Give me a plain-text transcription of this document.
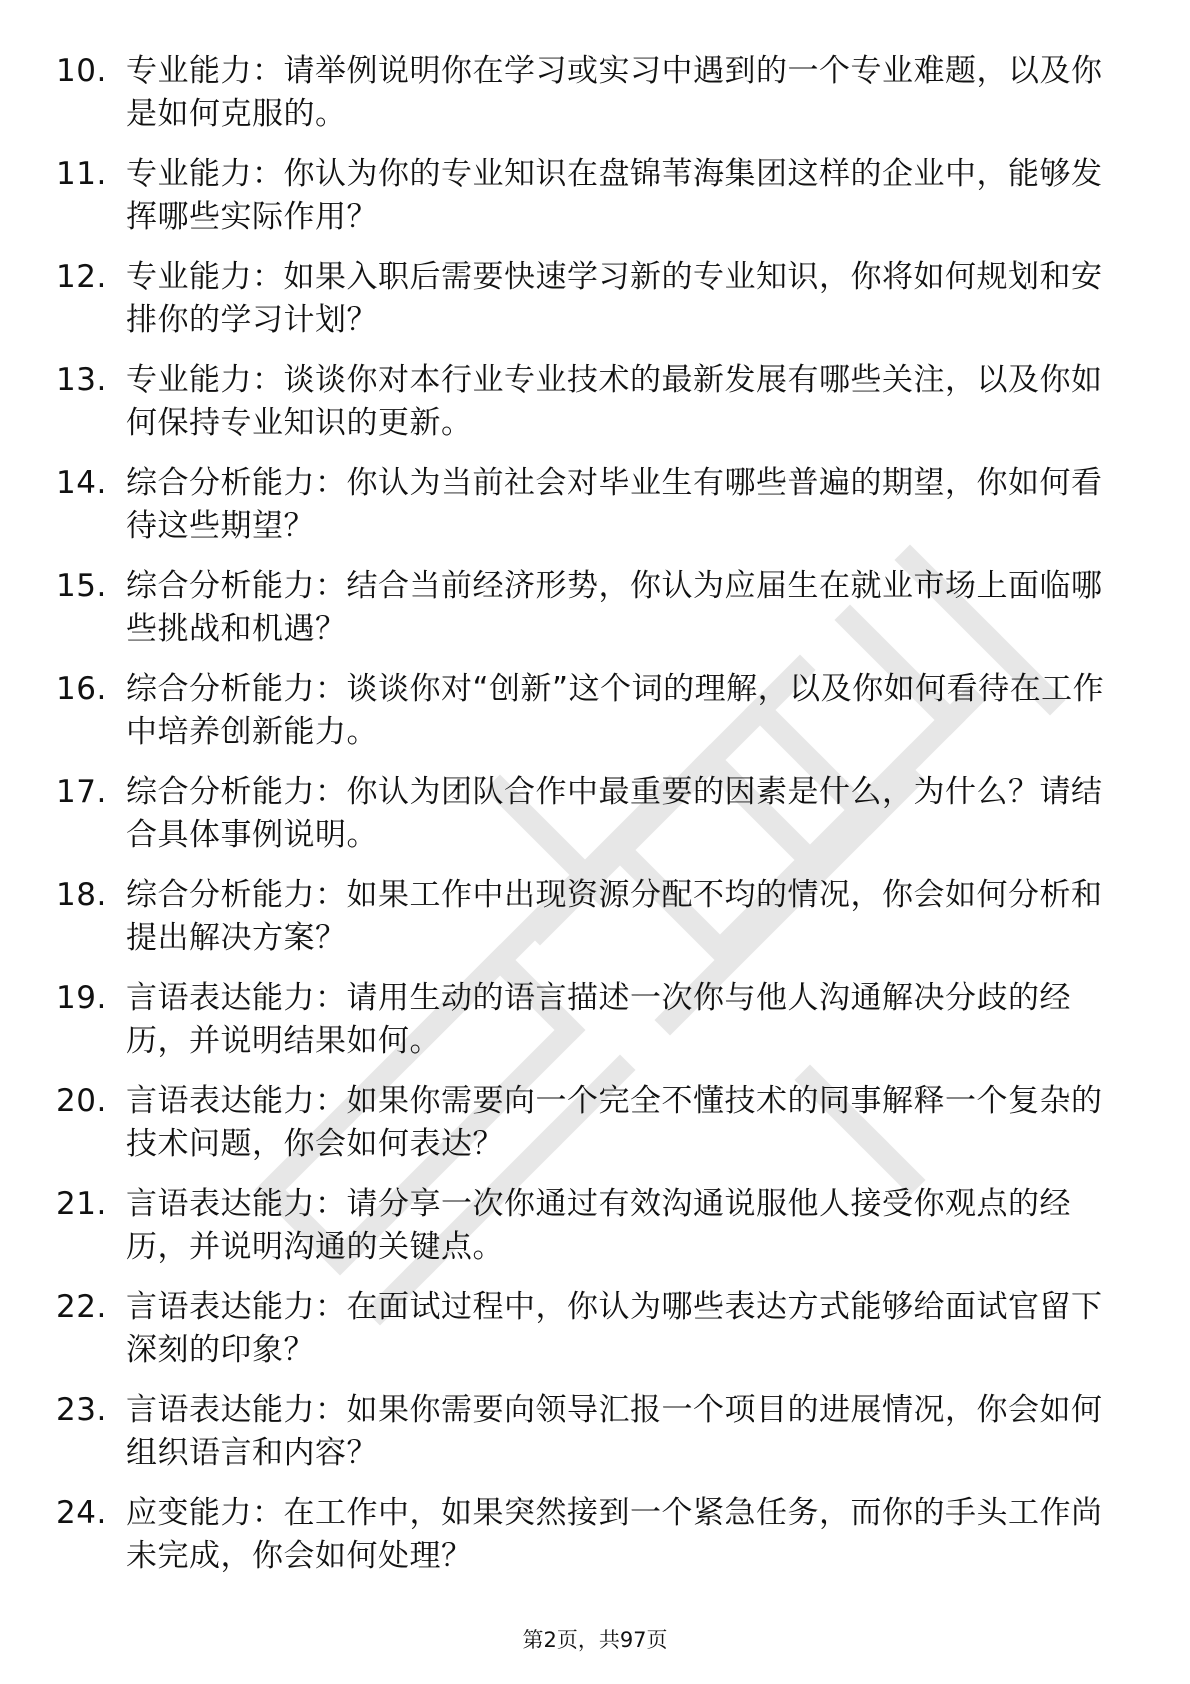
10. 专业能力：请举例说明你在学习或实习中遇到的一个专业难题，以及你是如何克服的。
11. 专业能力：你认为你的专业知识在盘锦苇海集团这样的企业中，能够发挥哪些实际作用？
12. 专业能力：如果入职后需要快速学习新的专业知识，你将如何规划和安排你的学习计划？
13. 专业能力：谈谈你对本行业专业技术的最新发展有哪些关注，以及你如何保持专业知识的更新。
14. 综合分析能力：你认为当前社会对毕业生有哪些普遍的期望，你如何看待这些期望？
15. 综合分析能力：结合当前经济形势，你认为应届生在就业市场上面临哪些挑战和机遇？
16. 综合分析能力：谈谈你对“创新”这个词的理解，以及你如何看待在工作中培养创新能力。
17. 综合分析能力：你认为团队合作中最重要的因素是什么，为什么？请结合具体事例说明。
18. 综合分析能力：如果工作中出现资源分配不均的情况，你会如何分析和提出解决方案？
19. 言语表达能力：请用生动的语言描述一次你与他人沟通解决分歧的经历，并说明结果如何。
20. 言语表达能力：如果你需要向一个完全不懂技术的同事解释一个复杂的技术问题，你会如何表达？
21. 言语表达能力：请分享一次你通过有效沟通说服他人接受你观点的经历，并说明沟通的关键点。
22. 言语表达能力：在面试过程中，你认为哪些表达方式能够给面试官留下深刻的印象？
23. 言语表达能力：如果你需要向领导汇报一个项目的进展情况，你会如何组织语言和内容？
24. 应变能力：在工作中，如果突然接到一个紧急任务，而你的手头工作尚未完成，你会如何处理？
第2页，共97页
